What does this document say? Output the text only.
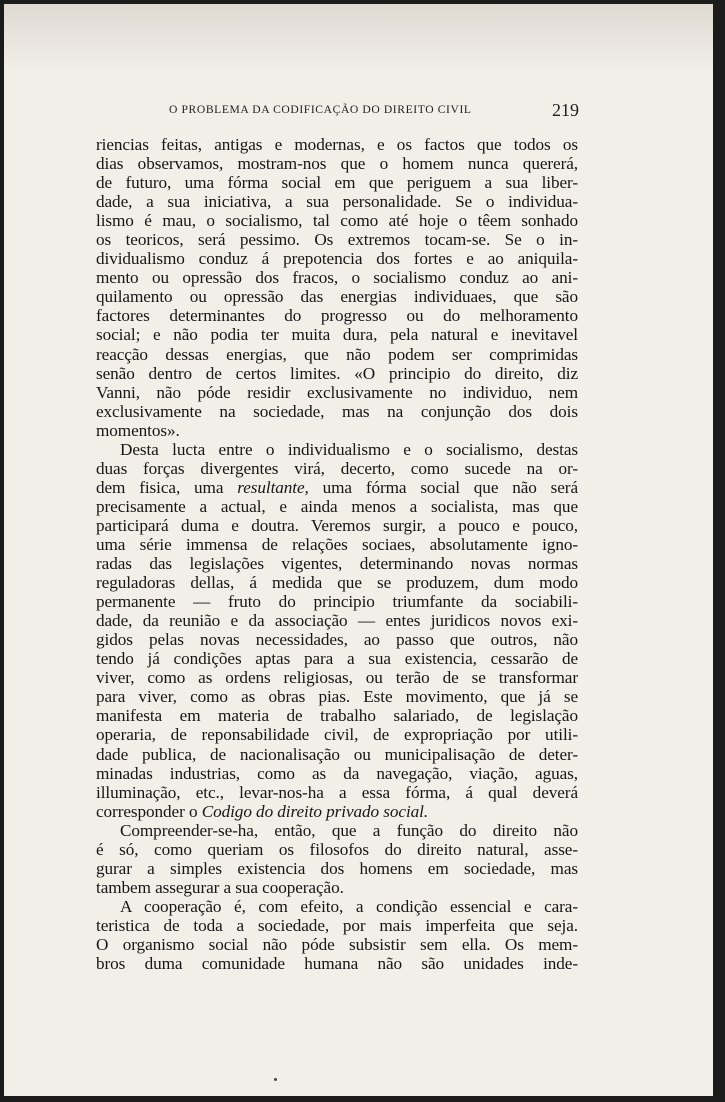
O PROBLEMA DA CODIFICAÇÃO DO DIREITO CIVIL	219
riencias feitas, antigas e modernas, e os factos que todos os
dias observamos, mostram-nos que o homem nunca quererá,
de futuro, uma fórma social em que periguem a sua liber-
dade, a sua iniciativa, a sua personalidade. Se o individua-
lismo é mau, o socialismo, tal como até hoje o têem sonhado
os teoricos, será pessimo. Os extremos tocam-se. Se o in-
dividualismo conduz á prepotencia dos fortes e ao aniquila-
mento ou opressão dos fracos, o socialismo conduz ao ani-
quilamento ou opressão das energias individuaes, que são
factores determinantes do progresso ou do melhoramento
social; e não podia ter muita dura, pela natural e inevitavel
reacção dessas energias, que não podem ser comprimidas
senão dentro de certos limites. «O principio do direito, diz
Vanni, não póde residir exclusivamente no individuo, nem
exclusivamente na sociedade, mas na conjunção dos dois
momentos».
Desta lucta entre o individualismo e o socialismo, destas
duas forças divergentes virá, decerto, como sucede na or-
dem fisica, uma resultante, uma fórma social que não será
precisamente a actual, e ainda menos a socialista, mas que
participará duma e doutra. Veremos surgir, a pouco e pouco,
uma série immensa de relações sociaes, absolutamente igno-
radas das legislações vigentes, determinando novas normas
reguladoras dellas, á medida que se produzem, dum modo
permanente — fruto do principio triumfante da sociabili-
dade, da reunião e da associação — entes juridicos novos exi-
gidos pelas novas necessidades, ao passo que outros, não
tendo já condições aptas para a sua existencia, cessarão de
viver, como as ordens religiosas, ou terão de se transformar
para viver, como as obras pias. Este movimento, que já se
manifesta em materia de trabalho salariado, de legislação
operaria, de reponsabilidade civil, de expropriação por utili-
dade publica, de nacionalisação ou municipalisação de deter-
minadas industrias, como as da navegação, viação, aguas,
illuminação, etc., levar-nos-ha a essa fórma, á qual deverá
corresponder o Codigo do direito privado social.
Compreender-se-ha, então, que a função do direito não
é só, como queriam os filosofos do direito natural, asse-
gurar a simples existencia dos homens em sociedade, mas
tambem assegurar a sua cooperação.
A cooperação é, com efeito, a condição essencial e cara-
teristica de toda a sociedade, por mais imperfeita que seja.
O organismo social não póde subsistir sem ella. Os mem-
bros duma comunidade humana não são unidades inde-
